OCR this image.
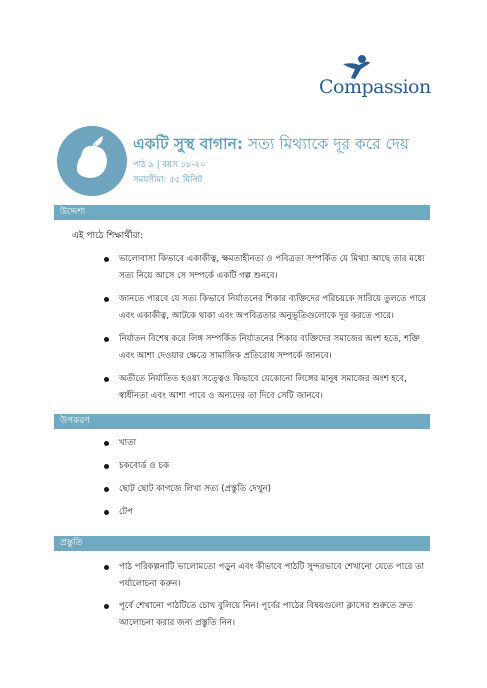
Compassion
একটি সুস্থ বাগান: সত্য মিথ্যাকে দূর করে দেয়
পাঠ ৯ | বয়স ১৮-২০
সময়সীমা: ৫৫ মিনিট
উদ্দেশ্য
এই পাঠে শিক্ষার্থীরা:
ভালোবাসা কিভাবে একাকীত্ব, ক্ষমতাহীনতা ও পবিত্রতা সম্পর্কিত যে মিথ্যা আছে তার মধ্যে সত্য নিয়ে আসে সে সম্পর্কে একটি গল্প শুনবে।
জানতে পারবে যে সত্য কিভাবে নির্যাতনের শিকার ব্যক্তিদের পরিচয়কে সারিয়ে তুলতে পারে এবং একাকীত্ব, আটকে থাকা এবং অপবিত্রতার অনুভূতিগুলোকে দূর করতে পারে।
নির্যাতন বিশেষ করে লিঙ্গ সম্পর্কিত নির্যাতনের শিকার ব্যক্তিদের সমাজের অংশ হতে, শক্তি এবং আশা দেওয়ার ক্ষেত্রে সামাজিক প্রতিরোধ সম্পর্কে জানবে।
অতীতে নির্যাতিত হওয়া সত্ত্বেও কিভাবে যেকোনো লিঙ্গের মানুষ সমাজের অংশ হবে, স্বাধীনতা এবং আশা পাবে ও অন্যদের তা দিবে সেটি জানবে।
উপকরণ
খাতা
চকবোর্ড ও চক
ছোট ছোট কাগজে লিখা সত্য (প্রস্তুতি দেখুন)
টেপ
প্রস্তুতি
পাঠ পরিকল্পনাটি ভালোমতো পড়ুন এবং কীভাবে পাঠটি সুন্দরভাবে শেখানো যেতে পারে তা পর্যালোচনা করুন।
পূর্বে শেখানো পাঠটিতে চোখ বুলিয়ে নিন। পূর্বের পাঠের বিষয়গুলো ক্লাসের শুরুতে দ্রুত আলোচনা করার জন্য প্রস্তুতি নিন।
